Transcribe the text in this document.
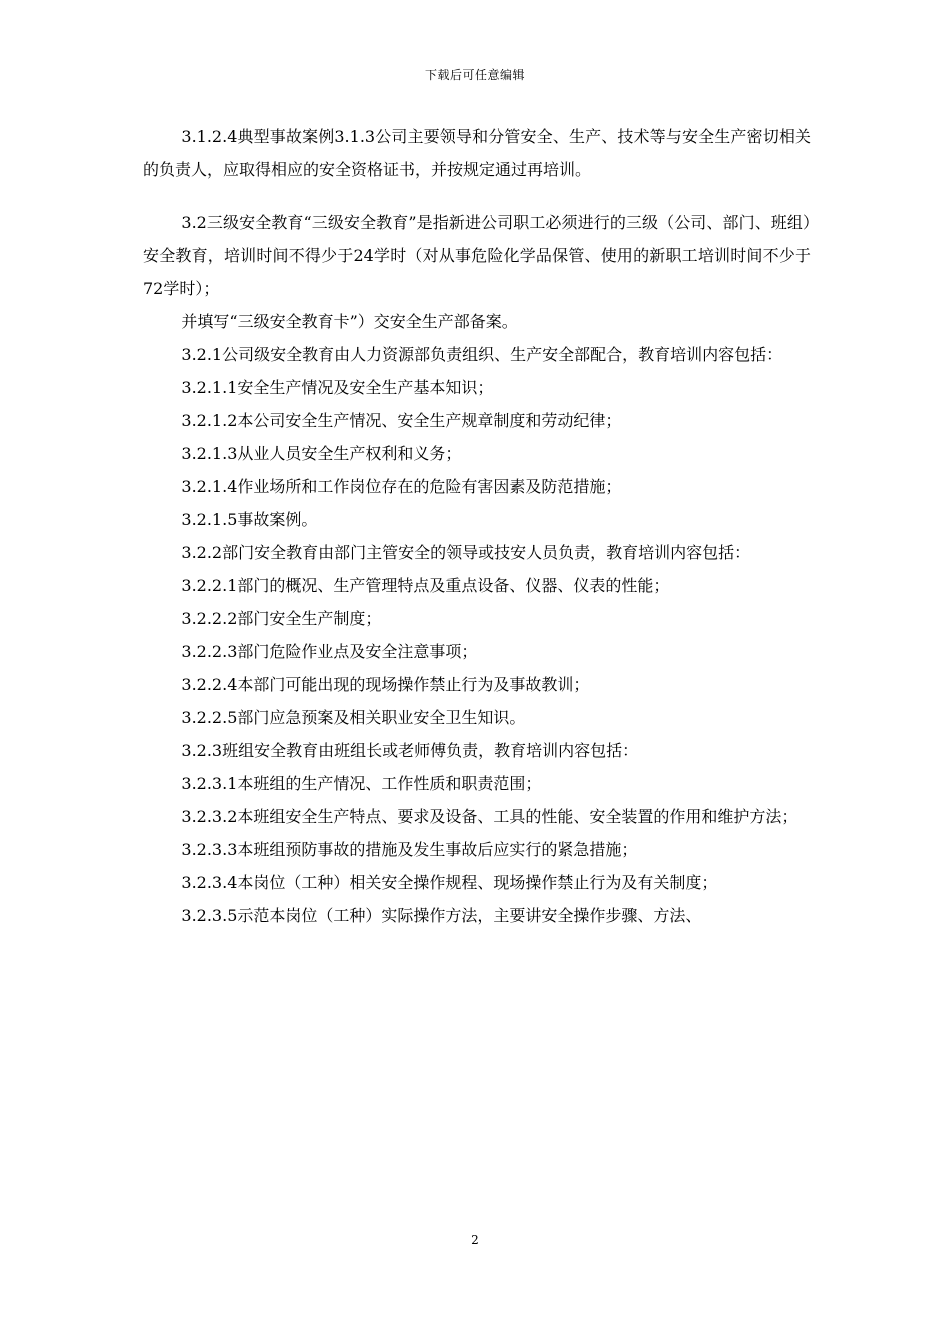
下载后可任意编辑

3.1.2.4典型事故案例3.1.3公司主要领导和分管安全、生产、技术等与安全生产密切相关的负责人，应取得相应的安全资格证书，并按规定通过再培训。

3.2三级安全教育“三级安全教育”是指新进公司职工必须进行的三级（公司、部门、班组）安全教育，培训时间不得少于24学时（对从事危险化学品保管、使用的新职工培训时间不少于72学时）；

并填写“三级安全教育卡”）交安全生产部备案。

3.2.1公司级安全教育由人力资源部负责组织、生产安全部配合，教育培训内容包括：

3.2.1.1安全生产情况及安全生产基本知识；

3.2.1.2本公司安全生产情况、安全生产规章制度和劳动纪律；

3.2.1.3从业人员安全生产权利和义务；

3.2.1.4作业场所和工作岗位存在的危险有害因素及防范措施；

3.2.1.5事故案例。

3.2.2部门安全教育由部门主管安全的领导或技安人员负责，教育培训内容包括：

3.2.2.1部门的概况、生产管理特点及重点设备、仪器、仪表的性能；

3.2.2.2部门安全生产制度；

3.2.2.3部门危险作业点及安全注意事项；

3.2.2.4本部门可能出现的现场操作禁止行为及事故教训；

3.2.2.5部门应急预案及相关职业安全卫生知识。

3.2.3班组安全教育由班组长或老师傅负责，教育培训内容包括：

3.2.3.1本班组的生产情况、工作性质和职责范围；

3.2.3.2本班组安全生产特点、要求及设备、工具的性能、安全装置的作用和维护方法；

3.2.3.3本班组预防事故的措施及发生事故后应实行的紧急措施；

3.2.3.4本岗位（工种）相关安全操作规程、现场操作禁止行为及有关制度；

3.2.3.5示范本岗位（工种）实际操作方法，主要讲安全操作步骤、方法、

2
